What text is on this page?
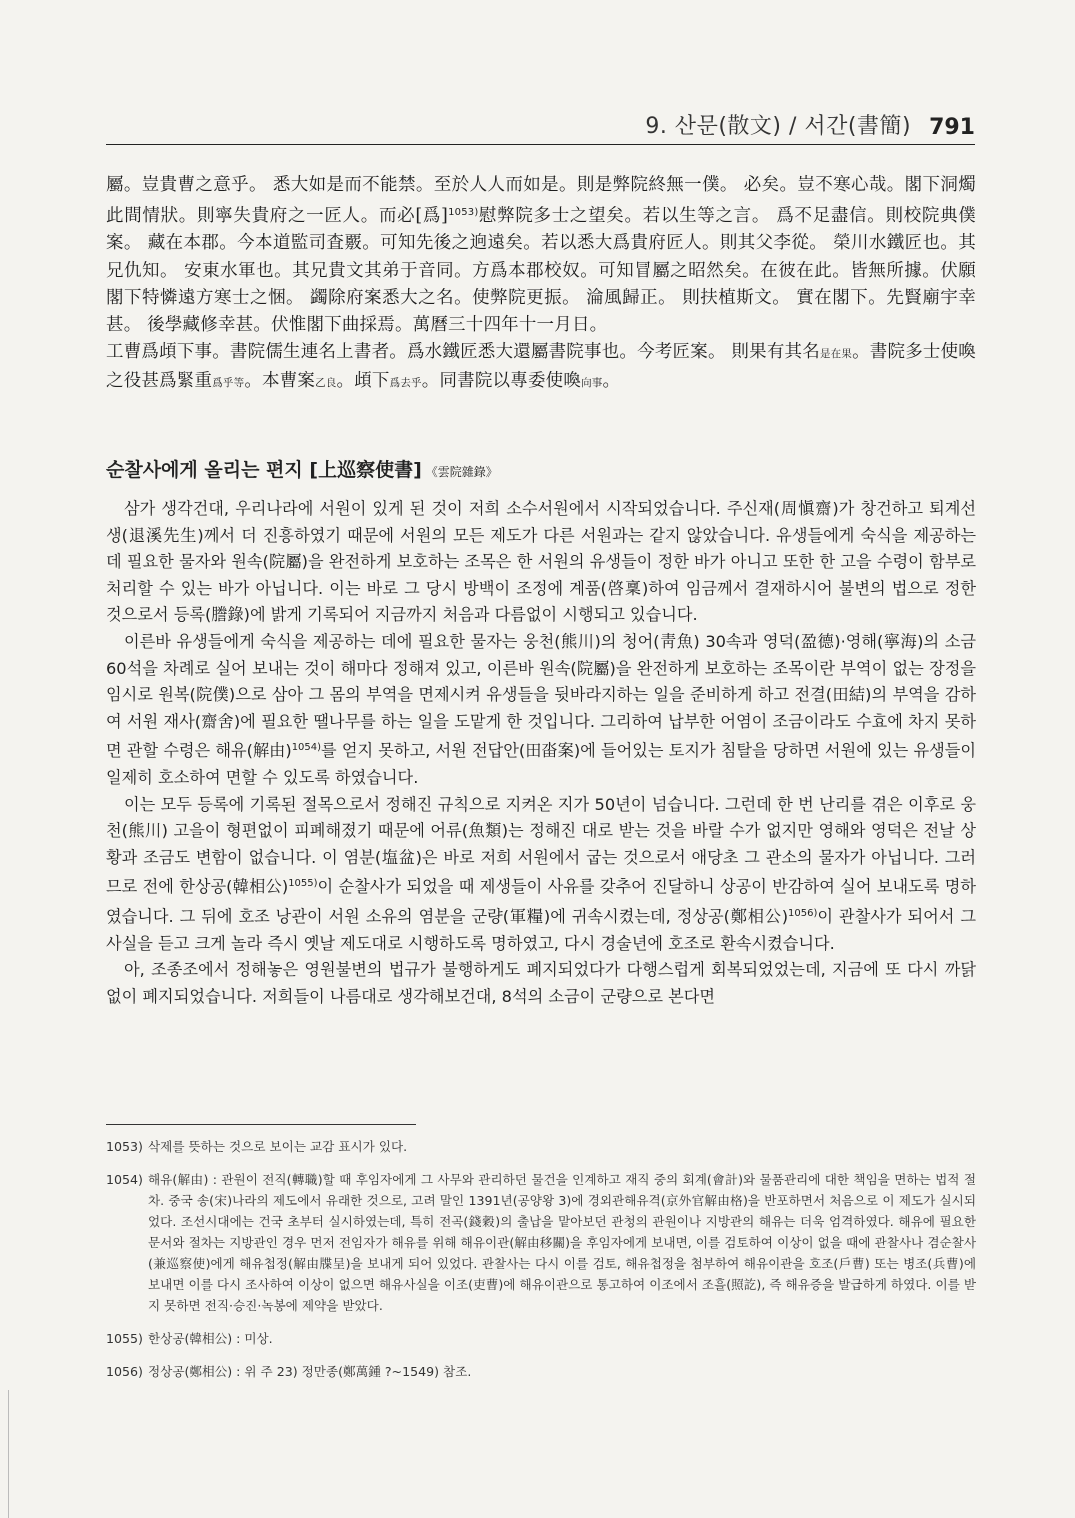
9. 산문(散文) / 서간(書簡) 791

屬。豈貴曹之意乎。 悉大如是而不能禁。至於人人而如是。則是弊院終無一僕。 必矣。豈不寒心哉。閣下洞燭此間情狀。則寧失貴府之一匠人。而必[爲]$^{1053)}$慰弊院多士之望矣。若以生等之言。 爲不足盡信。則校院典僕案。 藏在本郡。今本道監司査覈。可知先後之逈遠矣。若以悉大爲貴府匠人。則其父李從。 榮川水鐵匠也。其兄仇知。 安東水軍也。其兄貴文其弟于音同。方爲本郡校奴。可知冒屬之昭然矣。在彼在此。皆無所據。伏願閣下特憐遠方寒士之悃。 蠲除府案悉大之名。使弊院更振。 淪風歸正。 則扶植斯文。 實在閣下。先賢廟宇幸甚。 後學藏修幸甚。伏惟閣下曲採焉。萬曆三十四年十一月日。

工曹爲頉下事。書院儒生連名上書者。爲水鐵匠悉大還屬書院事也。今考匠案。 則果有其名是在果。書院多士使喚之役甚爲緊重爲乎等。本曹案乙良。頉下爲去乎。同書院以專委使喚向事。

순찰사에게 올리는 편지 [上巡察使書] 《雲院雜錄》

삼가 생각건대, 우리나라에 서원이 있게 된 것이 저희 소수서원에서 시작되었습니다. 주신재(周愼齋)가 창건하고 퇴계선생(退溪先生)께서 더 진흥하였기 때문에 서원의 모든 제도가 다른 서원과는 같지 않았습니다. 유생들에게 숙식을 제공하는 데 필요한 물자와 원속(院屬)을 완전하게 보호하는 조목은 한 서원의 유생들이 정한 바가 아니고 또한 한 고을 수령이 함부로 처리할 수 있는 바가 아닙니다. 이는 바로 그 당시 방백이 조정에 계품(啓稟)하여 임금께서 결재하시어 불변의 법으로 정한 것으로서 등록(謄錄)에 밝게 기록되어 지금까지 처음과 다름없이 시행되고 있습니다.

이른바 유생들에게 숙식을 제공하는 데에 필요한 물자는 웅천(熊川)의 청어(靑魚) 30속과 영덕(盈德)·영해(寧海)의 소금 60석을 차례로 실어 보내는 것이 해마다 정해져 있고, 이른바 원속(院屬)을 완전하게 보호하는 조목이란 부역이 없는 장정을 임시로 원복(院僕)으로 삼아 그 몸의 부역을 면제시켜 유생들을 뒷바라지하는 일을 준비하게 하고 전결(田結)의 부역을 감하여 서원 재사(齋舍)에 필요한 땔나무를 하는 일을 도맡게 한 것입니다. 그리하여 납부한 어염이 조금이라도 수효에 차지 못하면 관할 수령은 해유(解由)$^{1054)}$를 얻지 못하고, 서원 전답안(田畓案)에 들어있는 토지가 침탈을 당하면 서원에 있는 유생들이 일제히 호소하여 면할 수 있도록 하였습니다.

이는 모두 등록에 기록된 절목으로서 정해진 규칙으로 지켜온 지가 50년이 넘습니다. 그런데 한 번 난리를 겪은 이후로 웅천(熊川) 고을이 형편없이 피폐해졌기 때문에 어류(魚類)는 정해진 대로 받는 것을 바랄 수가 없지만 영해와 영덕은 전날 상황과 조금도 변함이 없습니다. 이 염분(塩盆)은 바로 저희 서원에서 굽는 것으로서 애당초 그 관소의 물자가 아닙니다. 그러므로 전에 한상공(韓相公)$^{1055)}$이 순찰사가 되었을 때 제생들이 사유를 갖추어 진달하니 상공이 반감하여 실어 보내도록 명하였습니다. 그 뒤에 호조 낭관이 서원 소유의 염분을 군량(軍糧)에 귀속시켰는데, 정상공(鄭相公)$^{1056)}$이 관찰사가 되어서 그 사실을 듣고 크게 놀라 즉시 옛날 제도대로 시행하도록 명하였고, 다시 경술년에 호조로 환속시켰습니다.

아, 조종조에서 정해놓은 영원불변의 법규가 불행하게도 폐지되었다가 다행스럽게 회복되었었는데, 지금에 또 다시 까닭 없이 폐지되었습니다. 저희들이 나름대로 생각해보건대, 8석의 소금이 군량으로 본다면

1053) 삭제를 뜻하는 것으로 보이는 교감 표시가 있다.
1054) 해유(解由) : 관원이 전직(轉職)할 때 후임자에게 그 사무와 관리하던 물건을 인계하고 재직 중의 회계(會計)와 물품관리에 대한 책임을 면하는 법적 절차. 중국 송(宋)나라의 제도에서 유래한 것으로, 고려 말인 1391년(공양왕 3)에 경외관해유격(京外官解由格)을 반포하면서 처음으로 이 제도가 실시되었다. 조선시대에는 건국 초부터 실시하였는데, 특히 전곡(錢穀)의 출납을 맡아보던 관청의 관원이나 지방관의 해유는 더욱 엄격하였다. 해유에 필요한 문서와 절차는 지방관인 경우 먼저 전임자가 해유를 위해 해유이관(解由移關)을 후임자에게 보내면, 이를 검토하여 이상이 없을 때에 관찰사나 겸순찰사(兼巡察使)에게 해유첩정(解由牒呈)을 보내게 되어 있었다. 관찰사는 다시 이를 검토, 해유첩정을 첨부하여 해유이관을 호조(戶曹) 또는 병조(兵曹)에 보내면 이를 다시 조사하여 이상이 없으면 해유사실을 이조(吏曹)에 해유이관으로 통고하여 이조에서 조흘(照訖), 즉 해유증을 발급하게 하였다. 이를 받지 못하면 전직·승진·녹봉에 제약을 받았다.
1055) 한상공(韓相公) : 미상.
1056) 정상공(鄭相公) : 위 주 23) 정만종(鄭萬鍾 ?~1549) 참조.
